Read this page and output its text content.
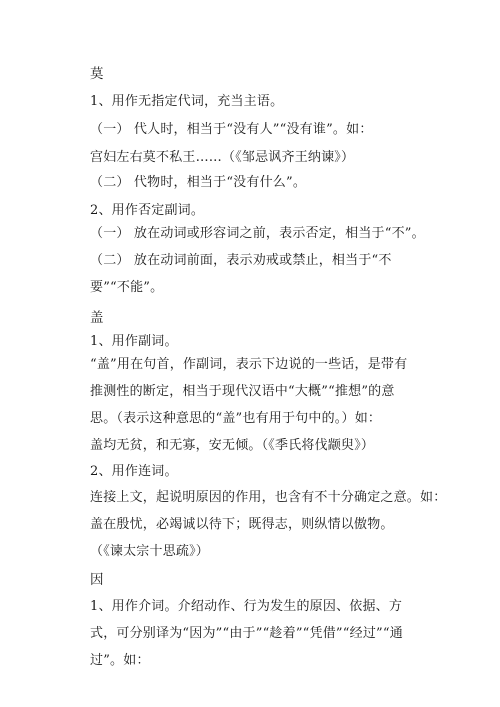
莫
1、用作无指定代词，充当主语。
（一） 代人时，相当于“没有人”“没有谁”。如：
宫妇左右莫不私王……（《邹忌讽齐王纳谏》）
（二） 代物时，相当于“没有什么”。
2、用作否定副词。
（一） 放在动词或形容词之前，表示否定，相当于“不”。
（二） 放在动词前面，表示劝戒或禁止，相当于“不要”“不能”。
盖
1、用作副词。
“盖”用在句首，作副词，表示下边说的一些话，是带有推测性的断定，相当于现代汉语中“大概”“推想”的意思。（表示这种意思的“盖”也有用于句中的。）如：
盖均无贫，和无寡，安无倾。（《季氏将伐颛臾》）
2、用作连词。
连接上文，起说明原因的作用，也含有不十分确定之意。如：
盖在殷忧，必竭诚以待下；既得志，则纵情以傲物。（《谏太宗十思疏》）
因
1、用作介词。介绍动作、行为发生的原因、依据、方式，可分别译为“因为”“由于”“趁着”“凭借”“经过”“通过”。如：
